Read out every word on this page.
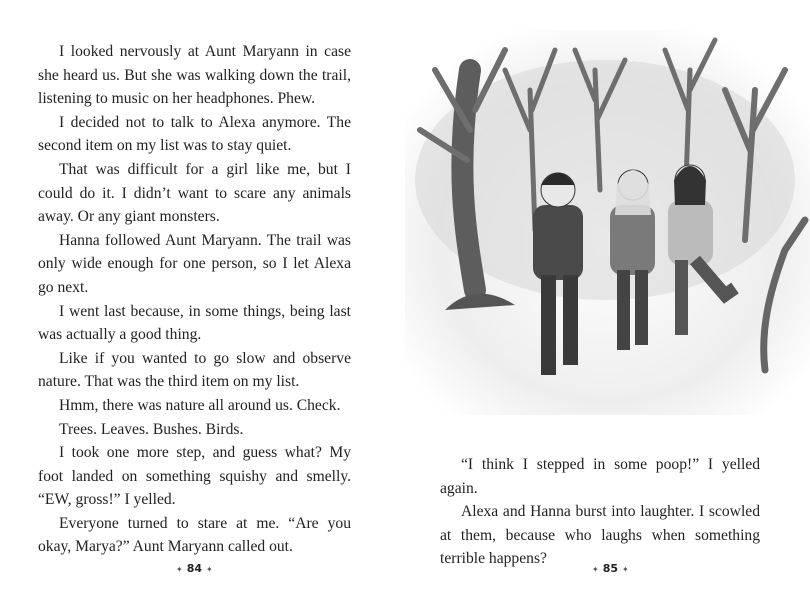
I looked nervously at Aunt Maryann in case she heard us. But she was walking down the trail, listening to music on her headphones. Phew.

I decided not to talk to Alexa anymore. The second item on my list was to stay quiet.

That was difficult for a girl like me, but I could do it. I didn’t want to scare any animals away. Or any giant monsters.

Hanna followed Aunt Maryann. The trail was only wide enough for one person, so I let Alexa go next.

I went last because, in some things, being last was actually a good thing.

Like if you wanted to go slow and observe nature. That was the third item on my list.

Hmm, there was nature all around us. Check.

Trees. Leaves. Bushes. Birds.

I took one more step, and guess what? My foot landed on something squishy and smelly. “EW, gross!” I yelled.

Everyone turned to stare at me. “Are you okay, Marya?” Aunt Maryann called out.

✦ 84 ✦

“I think I stepped in some poop!” I yelled again.

Alexa and Hanna burst into laughter. I scowled at them, because who laughs when something terrible happens?

✦ 85 ✦
